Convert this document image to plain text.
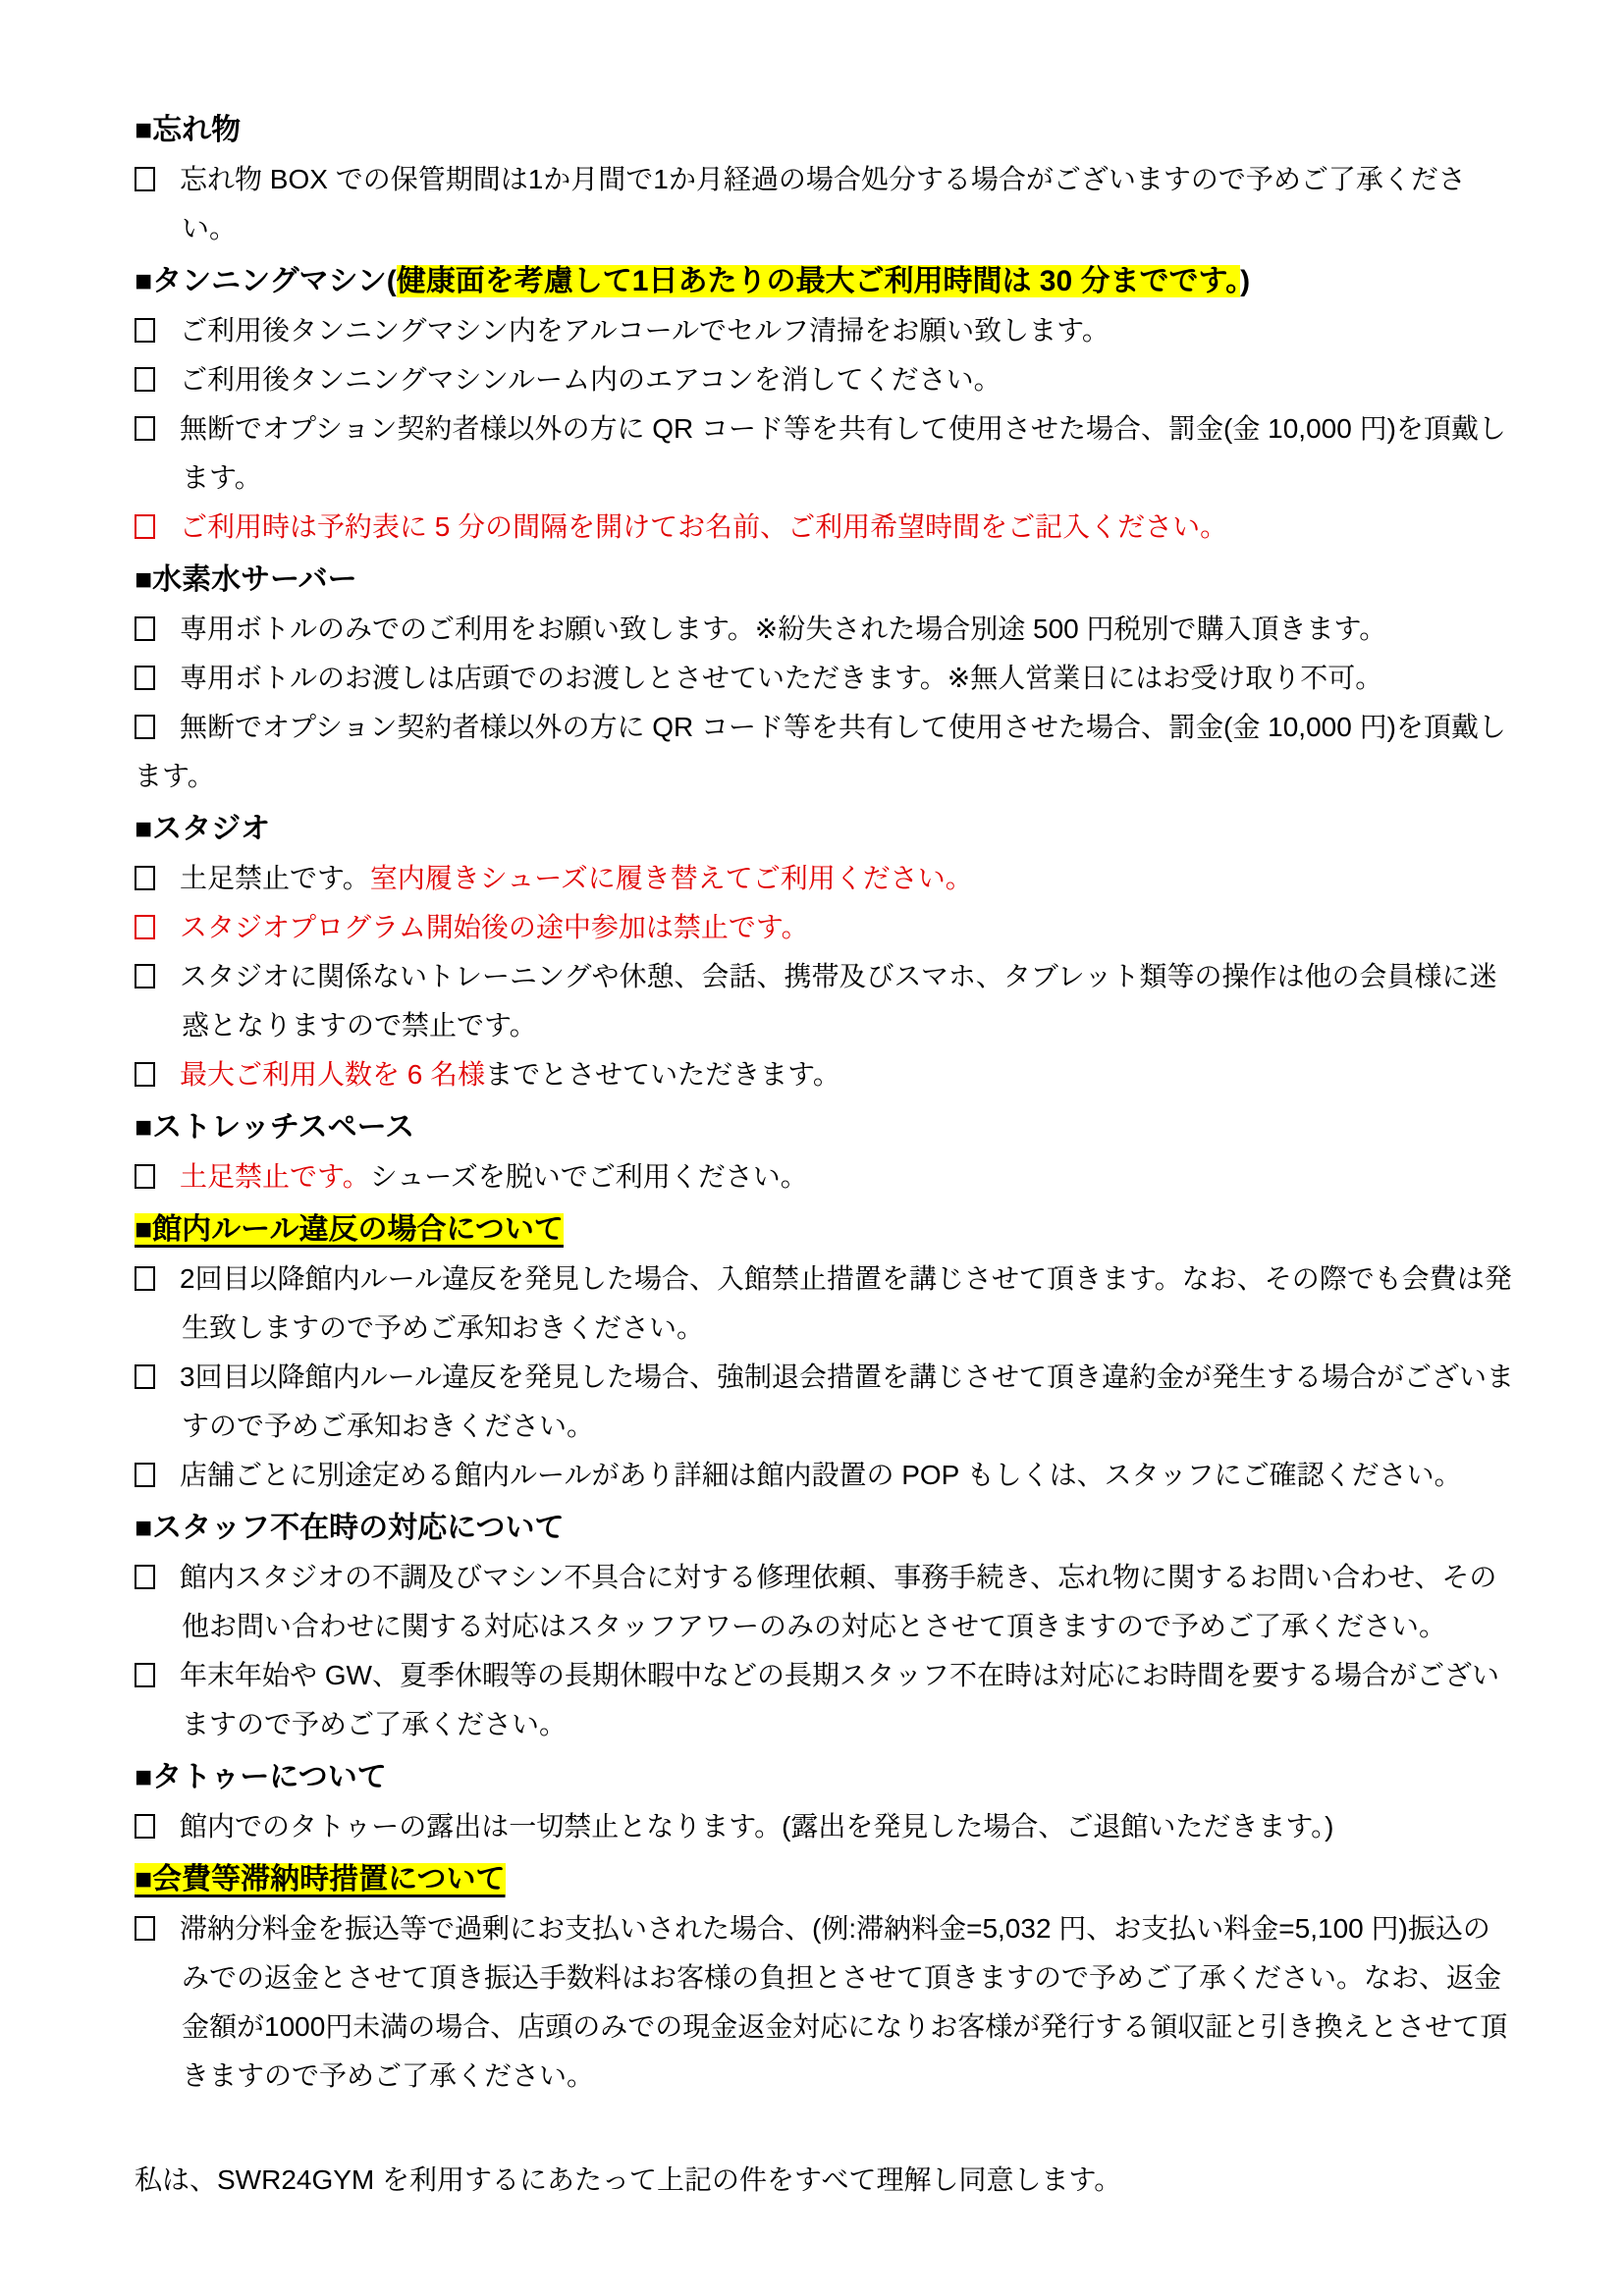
■忘れ物
忘れ物 BOX での保管期間は1か月間で1か月経過の場合処分する場合がございますので予めご了承ください。
■タンニングマシン(健康面を考慮して1日あたりの最大ご利用時間は 30 分までです。)
ご利用後タンニングマシン内をアルコールでセルフ清掃をお願い致します。
ご利用後タンニングマシンルーム内のエアコンを消してください。
無断でオプション契約者様以外の方に QR コード等を共有して使用させた場合、罰金(金 10,000 円)を頂戴します。
ご利用時は予約表に 5 分の間隔を開けてお名前、ご利用希望時間をご記入ください。
■水素水サーバー
専用ボトルのみでのご利用をお願い致します。※紛失された場合別途 500 円税別で購入頂きます。
専用ボトルのお渡しは店頭でのお渡しとさせていただきます。※無人営業日にはお受け取り不可。
無断でオプション契約者様以外の方に QR コード等を共有して使用させた場合、罰金(金 10,000 円)を頂戴します。
■スタジオ
土足禁止です。室内履きシューズに履き替えてご利用ください。
スタジオプログラム開始後の途中参加は禁止です。
スタジオに関係ないトレーニングや休憩、会話、携帯及びスマホ、タブレット類等の操作は他の会員様に迷惑となりますので禁止です。
最大ご利用人数を 6 名様までとさせていただきます。
■ストレッチスペース
土足禁止です。シューズを脱いでご利用ください。
■館内ルール違反の場合について
2回目以降館内ルール違反を発見した場合、入館禁止措置を講じさせて頂きます。なお、その際でも会費は発生致しますので予めご承知おきください。
3回目以降館内ルール違反を発見した場合、強制退会措置を講じさせて頂き違約金が発生する場合がございますので予めご承知おきください。
店舗ごとに別途定める館内ルールがあり詳細は館内設置の POP もしくは、スタッフにご確認ください。
■スタッフ不在時の対応について
館内スタジオの不調及びマシン不具合に対する修理依頼、事務手続き、忘れ物に関するお問い合わせ、その他お問い合わせに関する対応はスタッフアワーのみの対応とさせて頂きますので予めご了承ください。
年末年始や GW、夏季休暇等の長期休暇中などの長期スタッフ不在時は対応にお時間を要する場合がございますので予めご了承ください。
■タトゥーについて
館内でのタトゥーの露出は一切禁止となります。(露出を発見した場合、ご退館いただきます。)
■会費等滞納時措置について
滞納分料金を振込等で過剰にお支払いされた場合、(例:滞納料金=5,032 円、お支払い料金=5,100 円)振込のみでの返金とさせて頂き振込手数料はお客様の負担とさせて頂きますので予めご了承ください。なお、返金金額が1000円未満の場合、店頭のみでの現金返金対応になりお客様が発行する領収証と引き換えとさせて頂きますので予めご了承ください。

私は、SWR24GYM を利用するにあたって上記の件をすべて理解し同意します。
